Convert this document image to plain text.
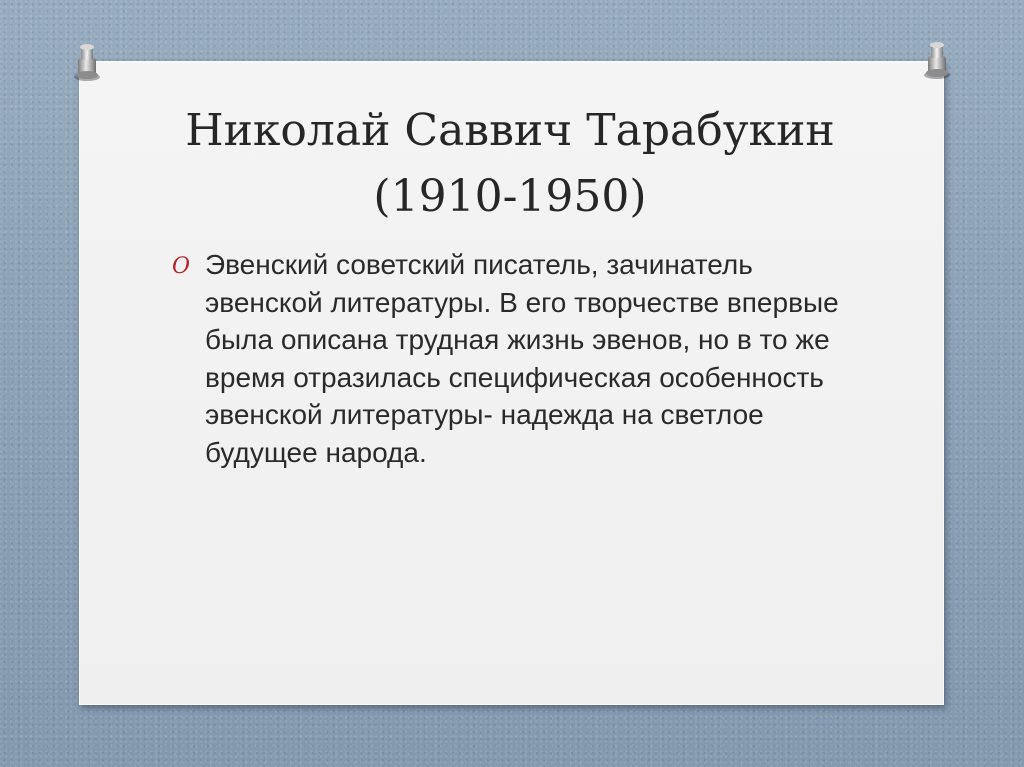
Николай Саввич Тарабукин
(1910-1950)
O Эвенский советский писатель, зачинатель эвенской литературы. В его творчестве впервые была описана трудная жизнь эвенов, но в то же время отразилась специфическая особенность эвенской литературы- надежда на светлое будущее народа.
